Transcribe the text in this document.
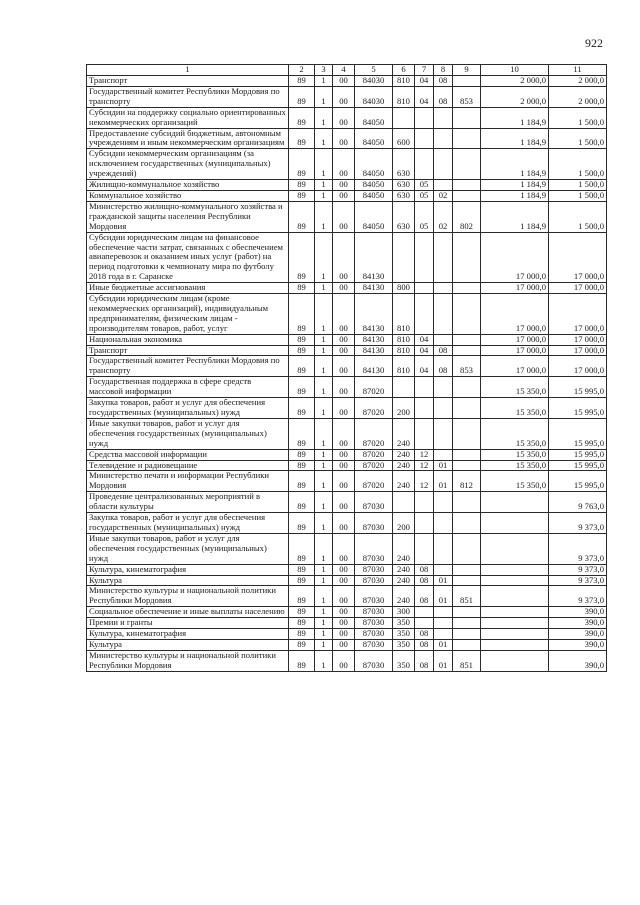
922
1	2	3	4	5	6	7	8	9	10	11
Транспорт	89	1	00	84030	810	04	08		2 000,0	2 000,0
Государственный комитет Республики Мордовия по транспорту	89	1	00	84030	810	04	08	853	2 000,0	2 000,0
Субсидии на поддержку социально ориентированных некоммерческих организаций	89	1	00	84050					1 184,9	1 500,0
Предоставление субсидий бюджетным, автономным учреждениям и иным некоммерческим организациям	89	1	00	84050	600				1 184,9	1 500,0
Субсидии некоммерческим организациям (за исключением государственных (муниципальных) учреждений)	89	1	00	84050	630				1 184,9	1 500,0
Жилищно-коммунальное хозяйство	89	1	00	84050	630	05			1 184,9	1 500,0
Коммунальное хозяйство	89	1	00	84050	630	05	02		1 184,9	1 500,0
Министерство жилищно-коммунального хозяйства и гражданской защиты населения Республики Мордовия	89	1	00	84050	630	05	02	802	1 184,9	1 500,0
Субсидии юридическим лицам на финансовое обеспечение части затрат, связанных с обеспечением авиаперевозок и оказанием иных услуг (работ) на период подготовки к чемпионату мира по футболу 2018 года в г. Саранске	89	1	00	84130					17 000,0	17 000,0
Иные бюджетные ассигнования	89	1	00	84130	800				17 000,0	17 000,0
Субсидии юридическим лицам (кроме некоммерческих организаций), индивидуальным предпринимателям, физическим лицам - производителям товаров, работ, услуг	89	1	00	84130	810				17 000,0	17 000,0
Национальная экономика	89	1	00	84130	810	04			17 000,0	17 000,0
Транспорт	89	1	00	84130	810	04	08		17 000,0	17 000,0
Государственный комитет Республики Мордовия по транспорту	89	1	00	84130	810	04	08	853	17 000,0	17 000,0
Государственная поддержка в сфере средств массовой информации	89	1	00	87020					15 350,0	15 995,0
Закупка товаров, работ и услуг для обеспечения государственных (муниципальных) нужд	89	1	00	87020	200				15 350,0	15 995,0
Иные закупки товаров, работ и услуг для обеспечения государственных (муниципальных) нужд	89	1	00	87020	240				15 350,0	15 995,0
Средства массовой информации	89	1	00	87020	240	12			15 350,0	15 995,0
Телевидение и радиовещание	89	1	00	87020	240	12	01		15 350,0	15 995,0
Министерство печати и информации Республики Мордовия	89	1	00	87020	240	12	01	812	15 350,0	15 995,0
Проведение централизованных мероприятий в области культуры	89	1	00	87030						9 763,0
Закупка товаров, работ и услуг для обеспечения государственных (муниципальных) нужд	89	1	00	87030	200					9 373,0
Иные закупки товаров, работ и услуг для обеспечения государственных (муниципальных) нужд	89	1	00	87030	240					9 373,0
Культура, кинематография	89	1	00	87030	240	08				9 373,0
Культура	89	1	00	87030	240	08	01			9 373,0
Министерство культуры и национальной политики Республики Мордовия	89	1	00	87030	240	08	01	851		9 373,0
Социальное обеспечение и иные выплаты населению	89	1	00	87030	300					390,0
Премии и гранты	89	1	00	87030	350					390,0
Культура, кинематография	89	1	00	87030	350	08				390,0
Культура	89	1	00	87030	350	08	01			390,0
Министерство культуры и национальной политики Республики Мордовия	89	1	00	87030	350	08	01	851		390,0
